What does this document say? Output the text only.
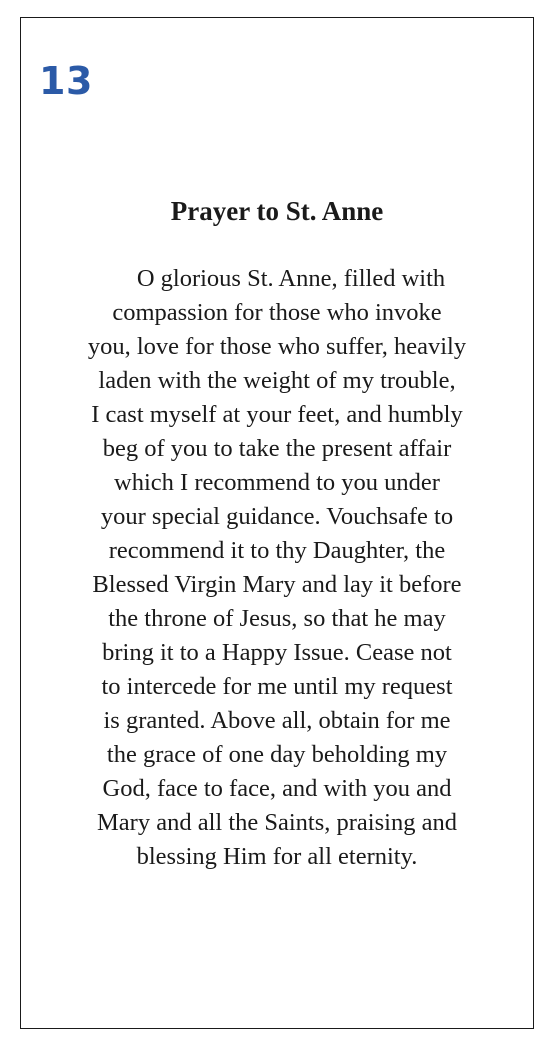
13
Prayer to St. Anne

O glorious St. Anne, filled with
compassion for those who invoke
you, love for those who suffer, heavily
laden with the weight of my trouble,
I cast myself at your feet, and humbly
beg of you to take the present affair
which I recommend to you under
your special guidance. Vouchsafe to
recommend it to thy Daughter, the
Blessed Virgin Mary and lay it before
the throne of Jesus, so that he may
bring it to a Happy Issue. Cease not
to intercede for me until my request
is granted. Above all, obtain for me
the grace of one day beholding my
God, face to face, and with you and
Mary and all the Saints, praising and
blessing Him for all eternity.
